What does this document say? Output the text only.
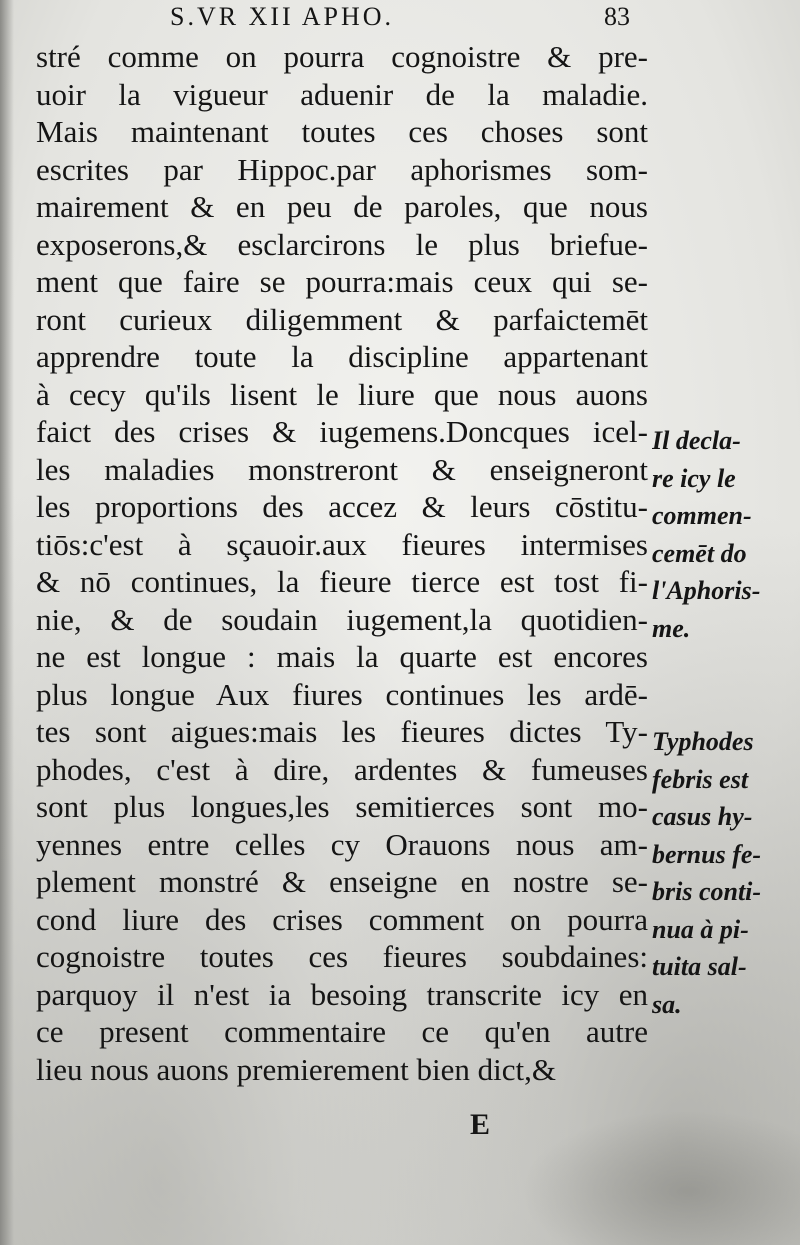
S.VR XII APHO.	83
stré comme on pourra cognoistre & pre-
uoir la vigueur aduenir de la maladie.
Mais maintenant toutes ces choses sont
escrites par Hippoc.par aphorismes som-
mairement & en peu de paroles, que nous
exposerons,& esclarcirons le plus briefue-
ment que faire se pourra:mais ceux qui se-
ront curieux diligemment & parfaictemēt
apprendre toute la discipline appartenant
à cecy qu'ils lisent le liure que nous auons
faict des crises & iugemens.Doncques icel-
les maladies monstreront & enseigneront
les proportions des accez & leurs cōstitu-
tiōs:c'est à sçauoir.aux fieures intermises
& nō continues, la fieure tierce est tost fi-
nie, & de soudain iugement,la quotidien-
ne est longue : mais la quarte est encores
plus longue Aux fiures continues les ardē-
tes sont aigues:mais les fieures dictes Ty-
phodes, c'est à dire, ardentes & fumeuses
sont plus longues,les semitierces sont mo-
yennes entre celles cy Orauons nous am-
plement monstré & enseigne en nostre se-
cond liure des crises comment on pourra
cognoistre toutes ces fieures soubdaines:
parquoy il n'est ia besoing transcrite icy en
ce present commentaire ce qu'en autre
lieu nous auons premierement bien dict,&
Il decla-
re icy le
commen-
cemēt do
l'Aphoris-
me.
Typhodes
febris est
casus hy-
bernus fe-
bris conti-
nua à pi-
tuita sal-
sa.
E
